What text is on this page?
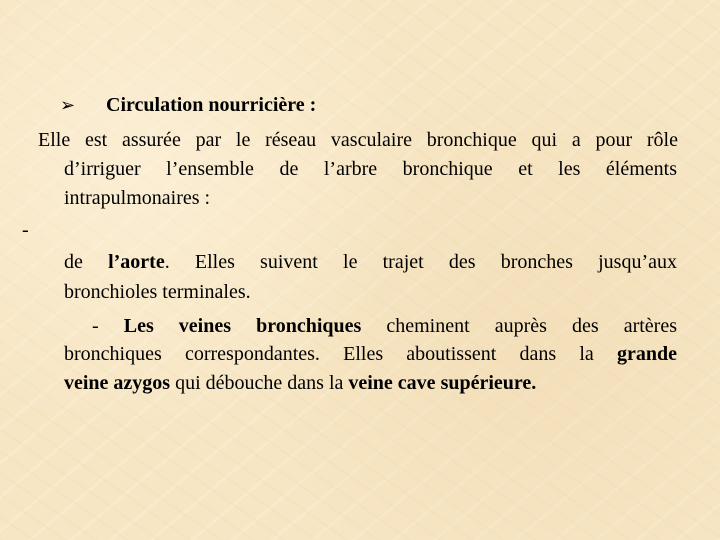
➢ Circulation nourricière :
Elle est assurée par le réseau vasculaire bronchique qui a pour rôle
d’irriguer l’ensemble de l’arbre bronchique et les éléments
intrapulmonaires :
-
de l’aorte. Elles suivent le trajet des bronches jusqu’aux
bronchioles terminales.
- Les veines bronchiques cheminent auprès des artères
bronchiques correspondantes. Elles aboutissent dans la grande
veine azygos qui débouche dans la veine cave supérieure.
